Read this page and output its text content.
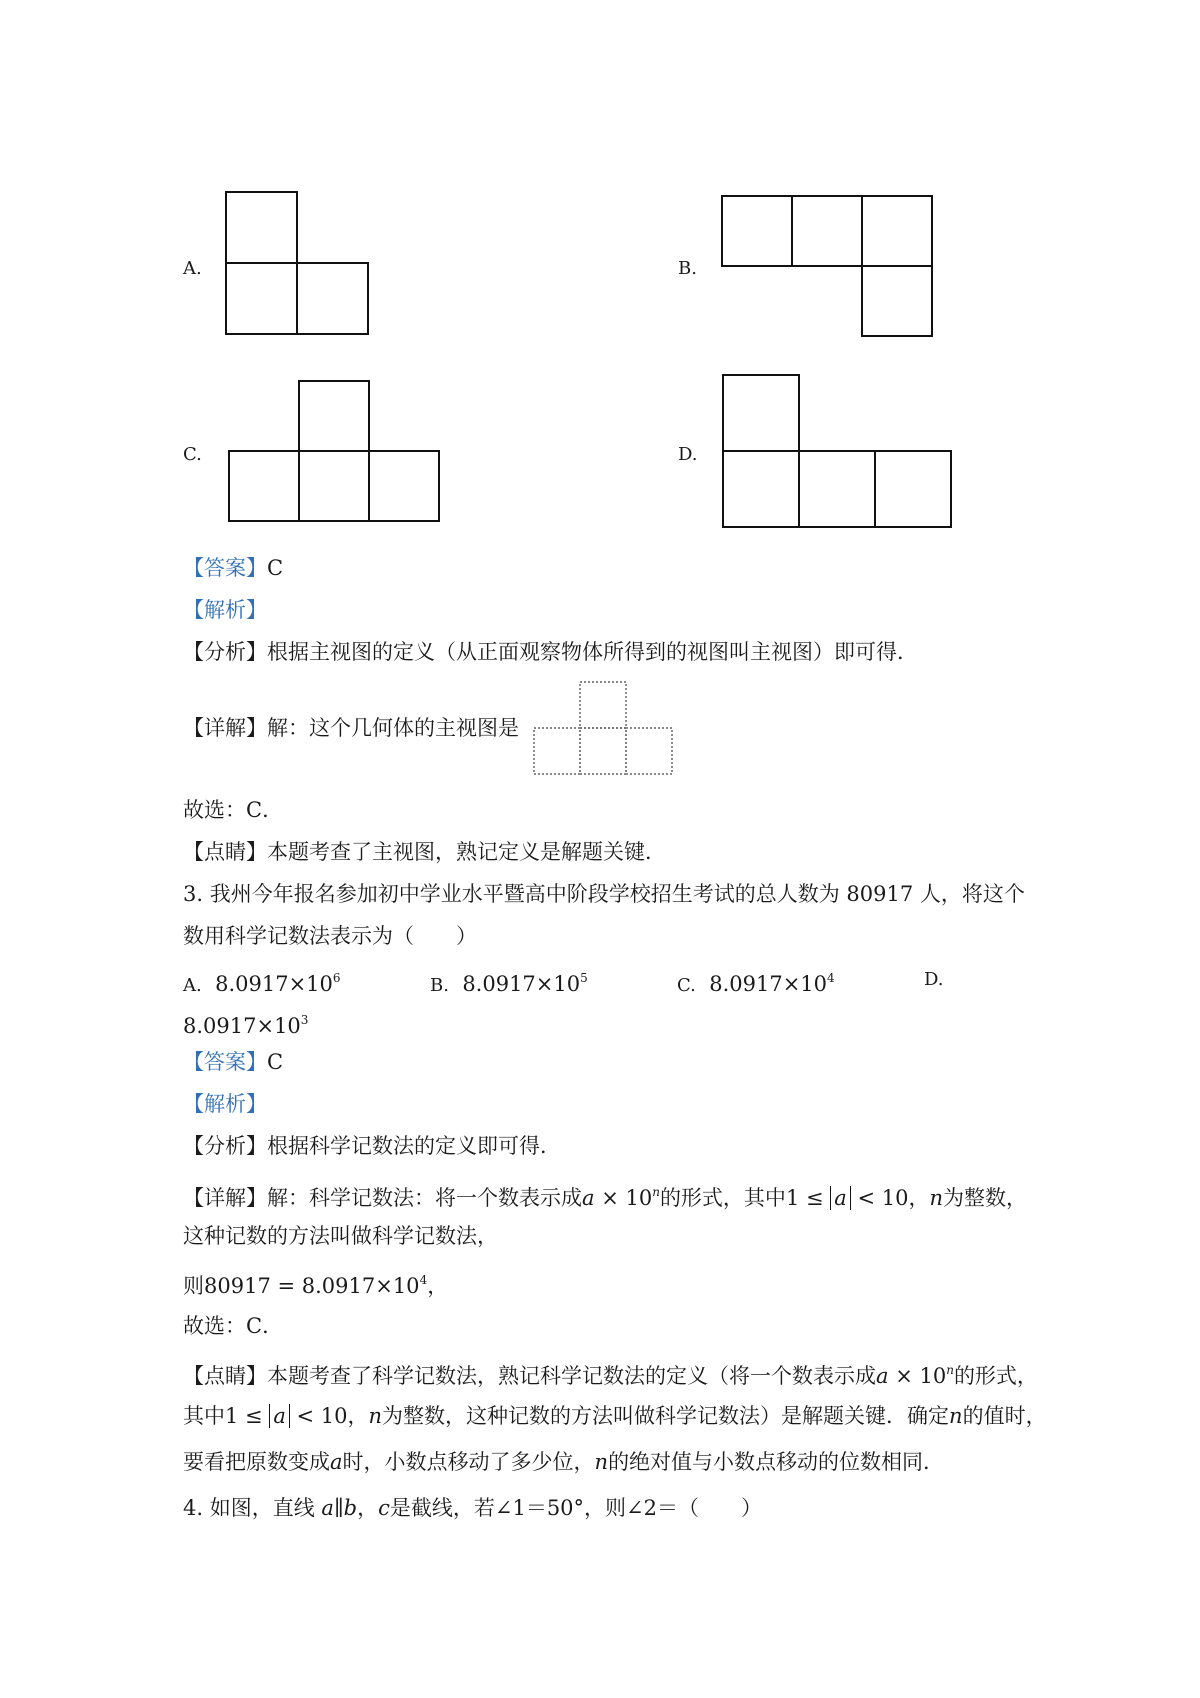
A.	B.
C.	D.
【答案】C
【解析】
【分析】根据主视图的定义（从正面观察物体所得到的视图叫主视图）即可得．
【详解】解：这个几何体的主视图是
故选：C．
【点睛】本题考查了主视图，熟记定义是解题关键．
3. 我州今年报名参加初中学业水平暨高中阶段学校招生考试的总人数为 80917 人，将这个
数用科学记数法表示为（　　）
A. $8.0917\times 10^6$	B. $8.0917\times 10^5$	C. $8.0917\times 10^4$	D.
$8.0917\times 10^3$
【答案】C
【解析】
【分析】根据科学记数法的定义即可得．
【详解】解：科学记数法：将一个数表示成$a \times 10^n$的形式，其中1 ≤ a < 10，n为整数，
这种记数的方法叫做科学记数法，
则$80917 = 8.0917\times 10^4$，
故选：C．
【点睛】本题考查了科学记数法，熟记科学记数法的定义（将一个数表示成$a \times 10^n$的形式，
其中1 ≤ a < 10，n为整数，这种记数的方法叫做科学记数法）是解题关键．确定n的值时，
要看把原数变成a时，小数点移动了多少位，n的绝对值与小数点移动的位数相同．
4. 如图，直线 a∥b，c是截线，若∠1＝50°，则∠2＝（　　）
